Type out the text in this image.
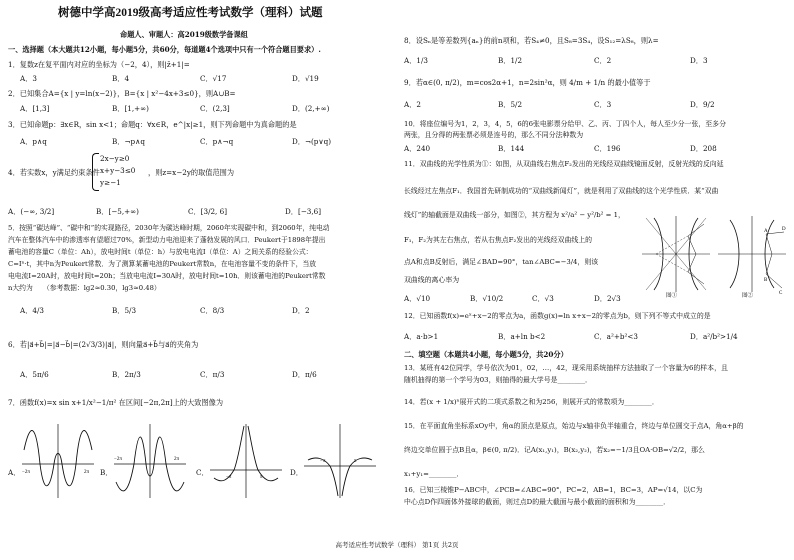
树德中学高2019级高考适应性考试数学（理科）试题
命题人、审题人：高2019级数学备课组
一、选择题（本大题共12小题，每小题5分，共60分，每道题4个选项中只有一个符合题目要求）.
1．复数z在复平面内对应的坐标为（−2，4），则|z̄+1|=
A．3	B．4	C．√17	D．√19
2．已知集合A={x | y=ln(x−2)}，B={x | x²−4x+3≤0}，则A∪B=
A．[1,3]	B．[1,+∞)	C．(2,3]	D．(2,+∞)
3．已知命题p：∃x∈R，sin x<1；命题q：∀x∈R，e^|x|≥1，则下列命题中为真命题的是
A．p∧q	B．¬p∧q	C．p∧¬q	D．¬(p∨q)
4．若实数x，y满足约束条件
2x−y≥0
x+y−3≤0
y≥−1
，则z=x−2y的取值范围为
A．(−∞, 3/2]	B．[−5,+∞)	C．[3/2, 6]	D．[−3,6]
5．按照“碳达峰”、“碳中和”的实现路径，2030年为碳达峰时期，2060年实现碳中和，到2060年，纯电动
汽车在整体汽车中的渗透率有望超过70%，新型动力电池迎来了蓬勃发展的风口．Peukert于1898年提出
蓄电池的容量C（单位：Ah），放电时间t（单位：h）与放电电流I（单位：A）之间关系的经验公式：
C=Iⁿ·t，其中n为Peukert常数．为了测算某蓄电池的Peukert常数n，在电池容量不变的条件下，当放
电电流I=20A时，放电时间t=20h；当放电电流I=30A时，放电时间t=10h．则该蓄电池的Peukert常数
n大约为　　（参考数据：lg2≈0.30，lg3≈0.48）
A．4/3	B．5/3	C．8/3	D．2
6．若|a⃗+b⃗|=|a⃗−b⃗|=(2√3/3)|a⃗|，则向量a⃗+b⃗与a⃗的夹角为
A．5π/6	B．2π/3	C．π/3	D．π/6
7．函数f(x)=x sin x+1/x²−1/π² 在区间[−2π,2π]上的大致图像为
A．	B．	C．	D．
−2π	2π
−2π	2π
−π	π
−π	π
8．设Sₙ是等差数列{aₙ}的前n项和，若S₄≠0，且S₈=3S₄，设S₁₂=λS₈，则λ=
A．1/3	B．1/2	C．2	D．3
9．若α∈(0, π/2)，m=cos2α+1，n=2sin²α，则 4/m + 1/n 的最小值等于
A．2	B．5/2	C．3	D．9/2
10．将座位编号为1，2，3，4，5，6的6张电影票分给甲、乙、丙、丁四个人，每人至少分一张，至多分
两张，且分得的两张票必须是连号的，那么不同分法种数为
A．240	B．144	C．196	D．208
11．双曲线的光学性质为①：如图，从双曲线右焦点F₂发出的光线经双曲线镜面反射，反射光线的反向延
长线经过左焦点F₁．我国首先研制成功的“双曲线新闻灯”，就是利用了双曲线的这个光学性质．某“双曲
线灯”的轴截面是双曲线一部分，如图②，其方程为 x²/a² − y²/b² = 1，
F₁，F₂为其左右焦点，若从右焦点F₂发出的光线经双曲线上的
点A和点B反射后，满足∠BAD=90°，tan∠ABC=−3/4，则该
双曲线的离心率为
A．√10	B．√10/2	C．√3	D．2√3	图①
A
B
D
C
图②
12．已知函数f(x)=eˣ+x−2的零点为a，函数g(x)=ln x+x−2的零点为b，则下列不等式中成立的是
A．a·b>1	B．a+ln b<2	C．a²+b²<3	D．a²/b²>1/4
二、填空题（本题共4小题，每小题5分，共20分）
13．某班有42位同学，学号依次为01，02，…，42，现采用系统抽样方法抽取了一个容量为6的样本，且
随机抽得的第一个学号为03，则抽得的最大学号是________．
14．若(x + 1/x)ⁿ展开式的二项式系数之和为256，则展开式的常数项为________．
15．在平面直角坐标系xOy中，角α的顶点是原点，始边与x轴非负半轴重合，终边与单位圆交于点A，角α+β的
终边交单位圆于点B且α，β∈(0, π/2)．记A(x₁,y₁)，B(x₂,y₂)，若x₂=−1/3且OA·OB=√2/2，那么
x₁+y₁=________．
16．已知三棱锥P−ABC中，∠PCB=∠ABC=90°，PC=2，AB=1，BC=3，AP=√14，以C为
中心点D作四面体外接球的截面，则过点D的最大截面与最小截面的面积和为________．
高考适应性考试数学（理科） 第1页 共2页
